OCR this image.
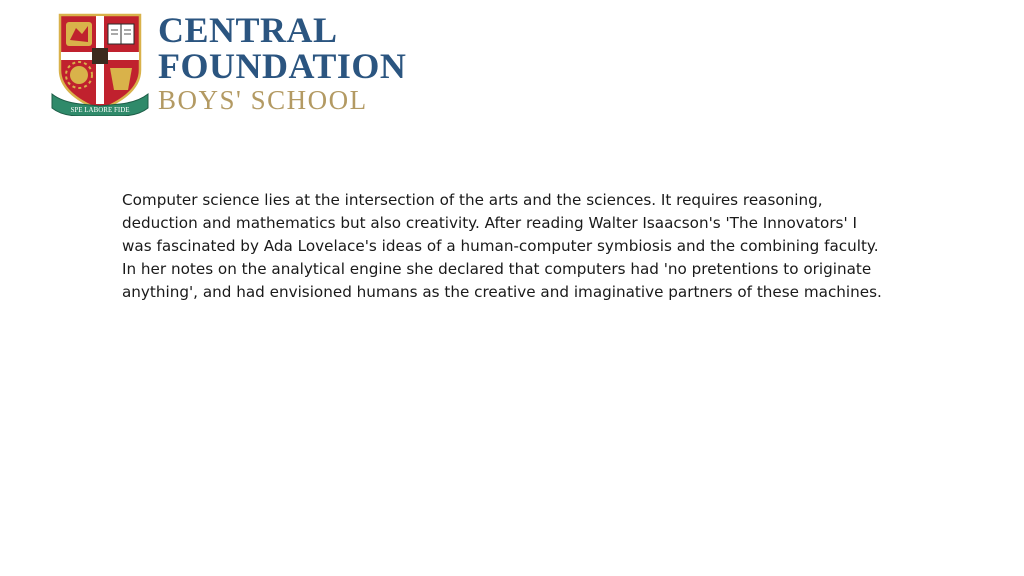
SPE LABORE FIDE
CENTRAL
FOUNDATION
BOYS' SCHOOL

Computer science lies at the intersection of the arts and the sciences. It requires reasoning, deduction and mathematics but also creativity. After reading Walter Isaacson's 'The Innovators' I was fascinated by Ada Lovelace's ideas of a human-computer symbiosis and the combining faculty. In her notes on the analytical engine she declared that computers had 'no pretentions to originate anything', and had envisioned humans as the creative and imaginative partners of these machines.
